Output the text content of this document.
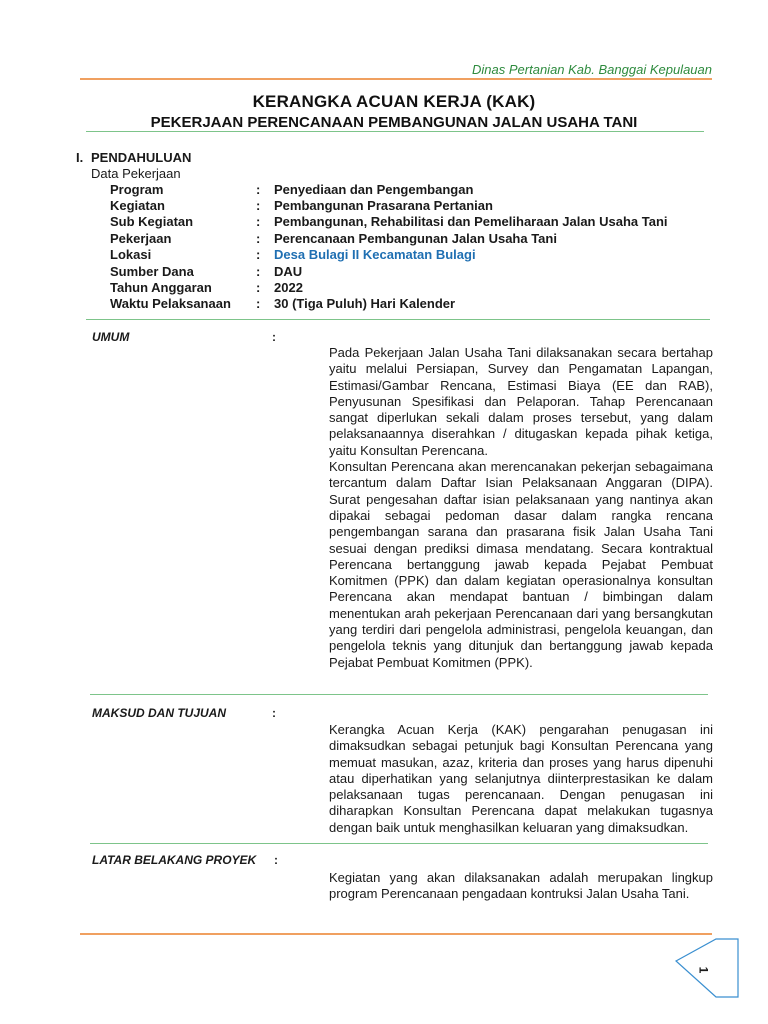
Dinas Pertanian Kab. Banggai Kepulauan
KERANGKA ACUAN KERJA (KAK)
PEKERJAAN PERENCANAAN PEMBANGUNAN JALAN USAHA TANI
I. PENDAHULUAN
Data Pekerjaan
Program	: Penyediaan dan Pengembangan
Kegiatan	: Pembangunan Prasarana Pertanian
Sub Kegiatan	: Pembangunan, Rehabilitasi dan Pemeliharaan Jalan Usaha Tani
Pekerjaan	: Perencanaan Pembangunan Jalan Usaha Tani
Lokasi	: Desa Bulagi II Kecamatan Bulagi
Sumber Dana	: DAU
Tahun Anggaran	: 2022
Waktu Pelaksanaan : 30 (Tiga Puluh) Hari Kalender
UMUM	:

Pada Pekerjaan Jalan Usaha Tani dilaksanakan secara bertahap yaitu melalui Persiapan, Survey dan Pengamatan Lapangan, Estimasi/Gambar Rencana, Estimasi Biaya (EE dan RAB), Penyusunan Spesifikasi dan Pelaporan. Tahap Perencanaan sangat diperlukan sekali dalam proses tersebut, yang dalam pelaksanaannya diserahkan / ditugaskan kepada pihak ketiga, yaitu Konsultan Perencana.

Konsultan Perencana akan merencanakan pekerjan sebagaimana tercantum dalam Daftar Isian Pelaksanaan Anggaran (DIPA). Surat pengesahan daftar isian pelaksanaan yang nantinya akan dipakai sebagai pedoman dasar dalam rangka rencana pengembangan sarana dan prasarana fisik Jalan Usaha Tani sesuai dengan prediksi dimasa mendatang. Secara kontraktual Perencana bertanggung jawab kepada Pejabat Pembuat Komitmen (PPK) dan dalam kegiatan operasionalnya konsultan Perencana akan mendapat bantuan / bimbingan dalam menentukan arah pekerjaan Perencanaan dari yang bersangkutan yang terdiri dari pengelola administrasi, pengelola keuangan, dan pengelola teknis yang ditunjuk dan bertanggung jawab kepada Pejabat Pembuat Komitmen (PPK).

MAKSUD DAN TUJUAN	:

Kerangka Acuan Kerja (KAK) pengarahan penugasan ini dimaksudkan sebagai petunjuk bagi Konsultan Perencana yang memuat masukan, azaz, kriteria dan proses yang harus dipenuhi atau diperhatikan yang selanjutnya diinterprestasikan ke dalam pelaksanaan tugas perencanaan. Dengan penugasan ini diharapkan Konsultan Perencana dapat melakukan tugasnya dengan baik untuk menghasilkan keluaran yang dimaksudkan.

LATAR BELAKANG PROYEK :

Kegiatan yang akan dilaksanakan adalah merupakan lingkup program Perencanaan pengadaan kontruksi Jalan Usaha Tani.

1
